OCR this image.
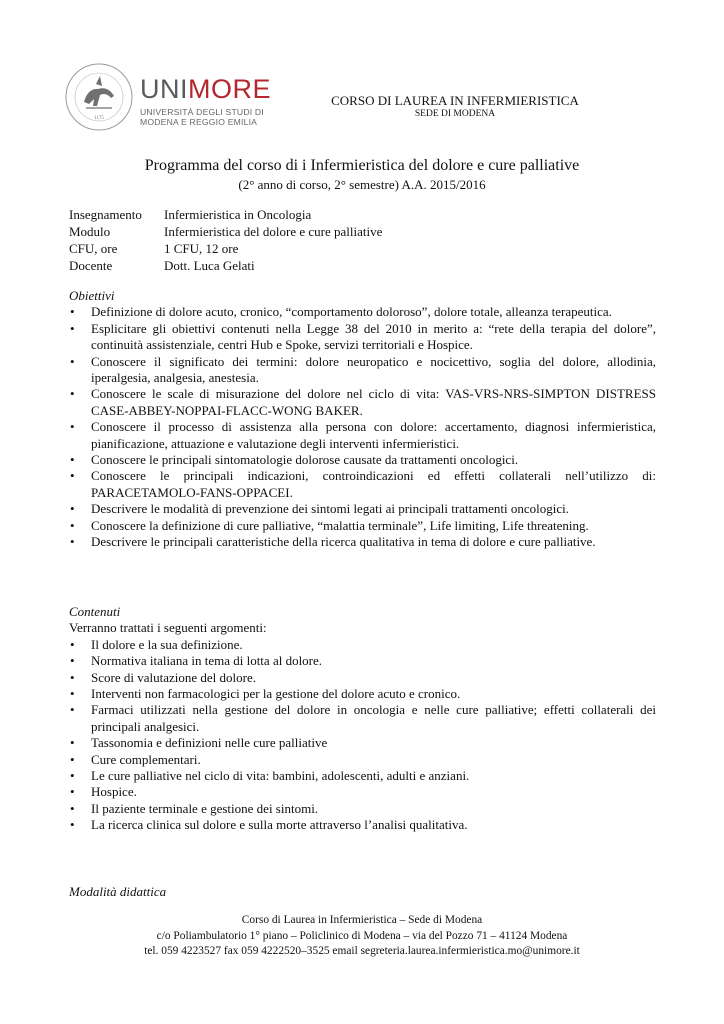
1175
UNIMORE
UNIVERSITÀ DEGLI STUDI DI
MODENA E REGGIO EMILIA
CORSO DI LAUREA IN INFERMIERISTICA
SEDE DI MODENA
Programma del corso di i Infermieristica del dolore e cure palliative
(2° anno di corso, 2° semestre) A.A. 2015/2016
Insegnamento	Infermieristica in Oncologia
Modulo	Infermieristica del dolore e cure palliative
CFU, ore	1 CFU, 12 ore
Docente	Dott. Luca Gelati
Obiettivi
• Definizione di dolore acuto, cronico, “comportamento doloroso”, dolore totale, alleanza terapeutica.
• Esplicitare gli obiettivi contenuti nella Legge 38 del 2010 in merito a: “rete della terapia del dolore”, continuità assistenziale, centri Hub e Spoke, servizi territoriali e Hospice.
• Conoscere il significato dei termini: dolore neuropatico e nocicettivo, soglia del dolore, allodinia, iperalgesia, analgesia, anestesia.
• Conoscere le scale di misurazione del dolore nel ciclo di vita: VAS-VRS-NRS-SIMPTON DISTRESS CASE-ABBEY-NOPPAI-FLACC-WONG BAKER.
• Conoscere il processo di assistenza alla persona con dolore: accertamento, diagnosi infermieristica, pianificazione, attuazione e valutazione degli interventi infermieristici.
• Conoscere le principali sintomatologie dolorose causate da trattamenti oncologici.
• Conoscere le principali indicazioni, controindicazioni ed effetti collaterali nell’utilizzo di: PARACETAMOLO-FANS-OPPACEI.
• Descrivere le modalità di prevenzione dei sintomi legati ai principali trattamenti oncologici.
• Conoscere la definizione di cure palliative, “malattia terminale”, Life limiting, Life threatening.
• Descrivere le principali caratteristiche della ricerca qualitativa in tema di dolore e cure palliative.
Contenuti
Verranno trattati i seguenti argomenti:
• Il dolore e la sua definizione.
• Normativa italiana in tema di lotta al dolore.
• Score di valutazione del dolore.
• Interventi non farmacologici per la gestione del dolore acuto e cronico.
• Farmaci utilizzati nella gestione del dolore in oncologia e nelle cure palliative; effetti collaterali dei principali analgesici.
• Tassonomia e definizioni nelle cure palliative
• Cure complementari.
• Le cure palliative nel ciclo di vita: bambini, adolescenti, adulti e anziani.
• Hospice.
• Il paziente terminale e gestione dei sintomi.
• La ricerca clinica sul dolore e sulla morte attraverso l’analisi qualitativa.
Modalità didattica
Corso di Laurea in Infermieristica – Sede di Modena
c/o Poliambulatorio 1° piano – Policlinico di Modena – via del Pozzo 71 – 41124 Modena
tel. 059 4223527 fax 059 4222520–3525 email segreteria.laurea.infermieristica.mo@unimore.it
